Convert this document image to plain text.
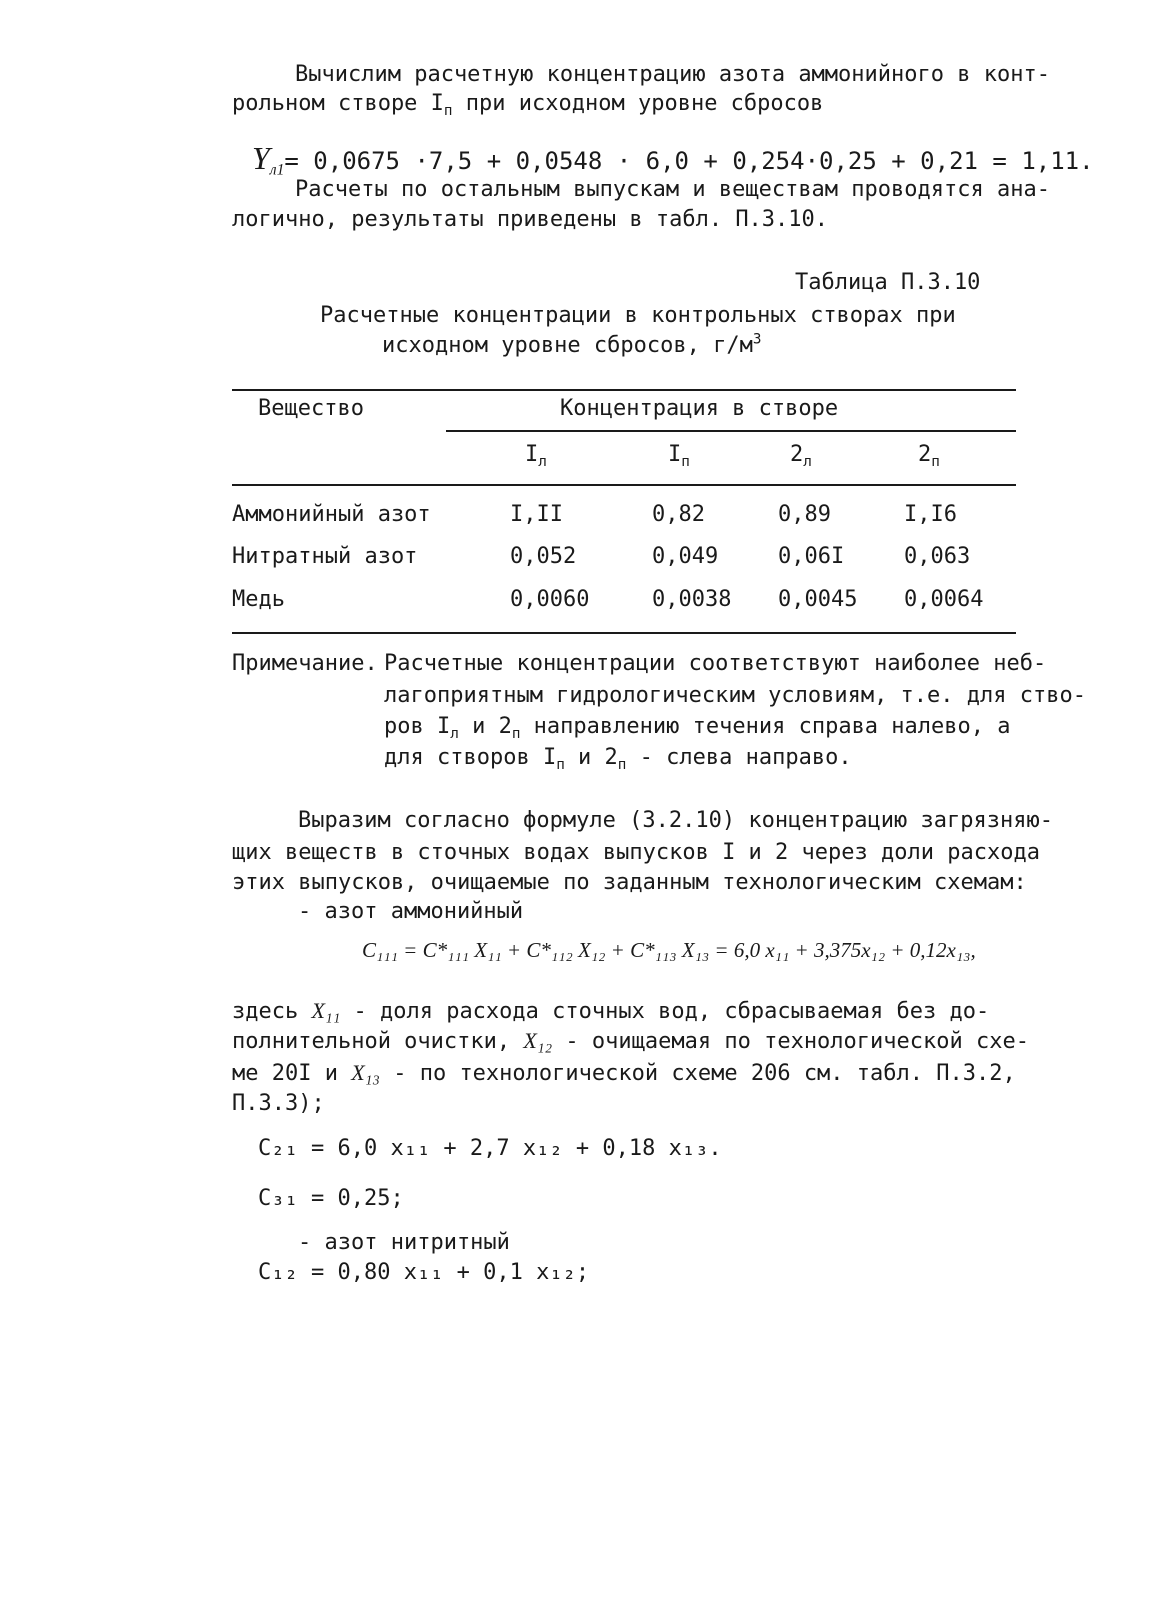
Вычислим расчетную концентрацию азота аммонийного в конт-
рольном створе $I_п$ при исходном уровне сбросов
$Y_{л1}= 0,0675 \cdot 7,5 + 0,0548 \cdot 6,0 + 0,254\cdot 0,25 + 0,21 = 1,11$.
Расчеты по остальным выпускам и веществам проводятся ана-
логично, результаты приведены в табл. П.3.10.
Таблица П.3.10
Расчетные концентрации в контрольных створах при
исходном уровне сбросов, $г/м^3$
Вещество	Концентрация в створе
$I_л$	$I_п$	$2_л$	$2_п$
Аммонийный азот	I,II	0,82	0,89	I,I6
Нитратный азот	0,052	0,049	0,06I	0,063
Медь	0,0060	0,0038 0,0045 0,0064
Примечание. Расчетные концентрации соответствуют наиболее неб-
лагоприятным гидрологическим условиям, т.е. для ство-
ров $I_л$ и $2_п$ направлению течения справа налево, а
для створов $I_п$ и $2_п$ - слева направо.
Выразим согласно формуле (3.2.10) концентрацию загрязняю-
щих веществ в сточных водах выпусков I и 2 через доли расхода
этих выпусков, очищаемые по заданным технологическим схемам:
- азот аммонийный
C₁₁₁ = C*₁₁₁ X₁₁ + C*₁₁₂ X₁₂ + C*₁₁₃ X₁₃ = 6,0 x₁₁ + 3,375x₁₂ + 0,12x₁₃,
здесь X₁₁ - доля расхода сточных вод, сбрасываемая без до-
полнительной очистки, X₁₂ - очищаемая по технологической схе-
ме 20I и X₁₃ - по технологической схеме 206 см. табл. П.3.2,
П.3.3);
C₂₁ = 6,0 x₁₁ + 2,7 x₁₂ + 0,18 x₁₃.
C₃₁ = 0,25;
- азот нитритный
C₁₂ = 0,80 x₁₁ + 0,1 x₁₂;
